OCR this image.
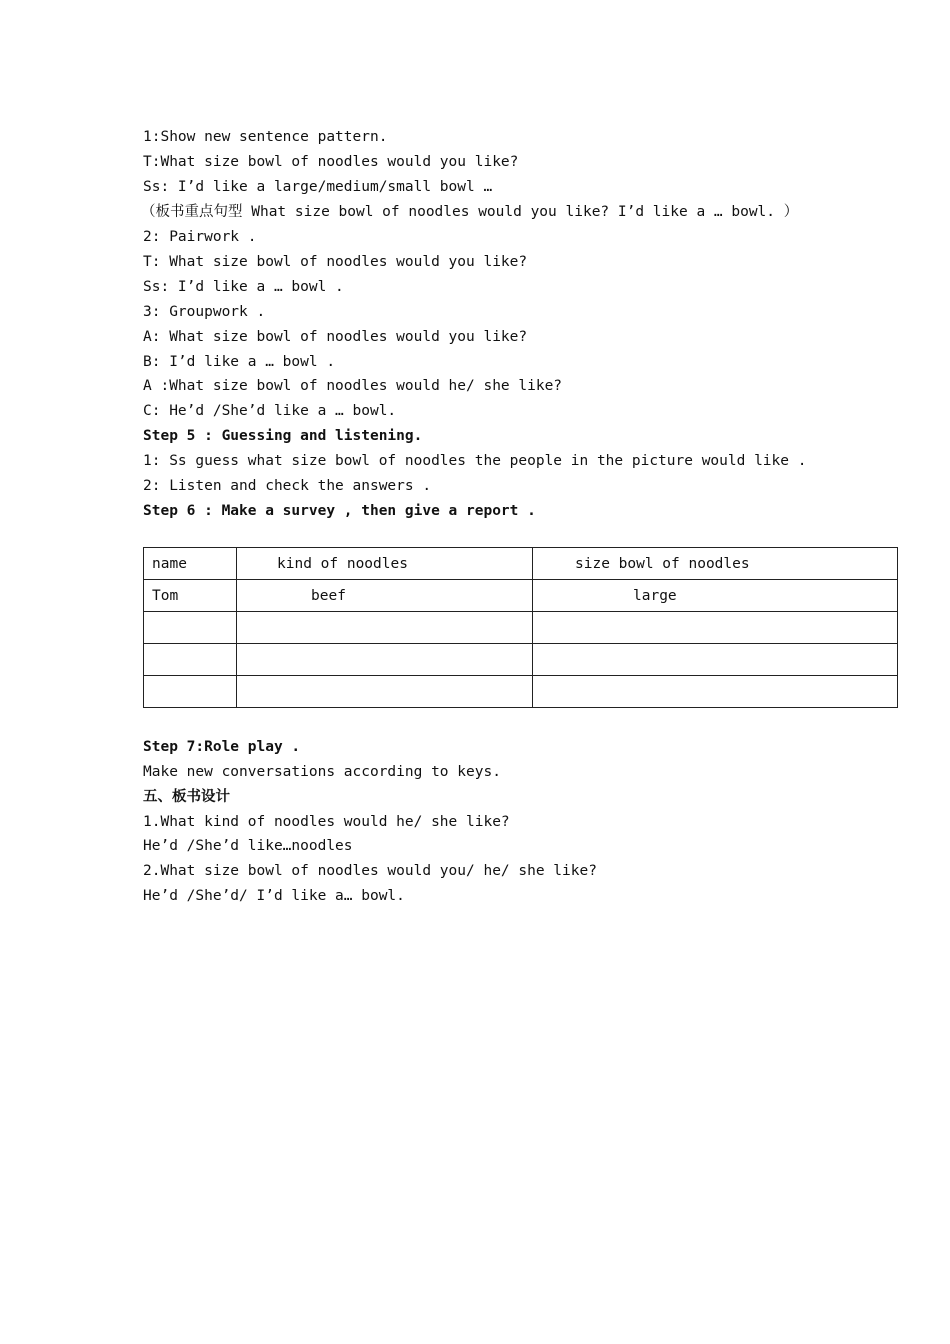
1:Show new sentence pattern.
T:What size bowl of noodles would you like?
Ss: I’d like a large/medium/small bowl …
（板书重点句型 What size bowl of noodles would you like? I’d like a … bowl. ）
2: Pairwork .
T: What size bowl of noodles would you like?
Ss: I’d like a … bowl .
3: Groupwork .
A: What size bowl of noodles would you like?
B: I’d like a … bowl .
A :What size bowl of noodles would he/ she like?
C: He’d /She’d like a … bowl.
Step 5 : Guessing and listening.
1: Ss guess what size bowl of noodles the people in the picture would like .
2: Listen and check the answers .
Step 6 : Make a survey , then give a report .
name	kind of noodles	size bowl of noodles
Tom	beef	large

Step 7:Role play .
Make new conversations according to keys.
五、板书设计
1.What kind of noodles would he/ she like?
He’d /She’d like…noodles
2.What size bowl of noodles would you/ he/ she like?
He’d /She’d/ I’d like a… bowl.
